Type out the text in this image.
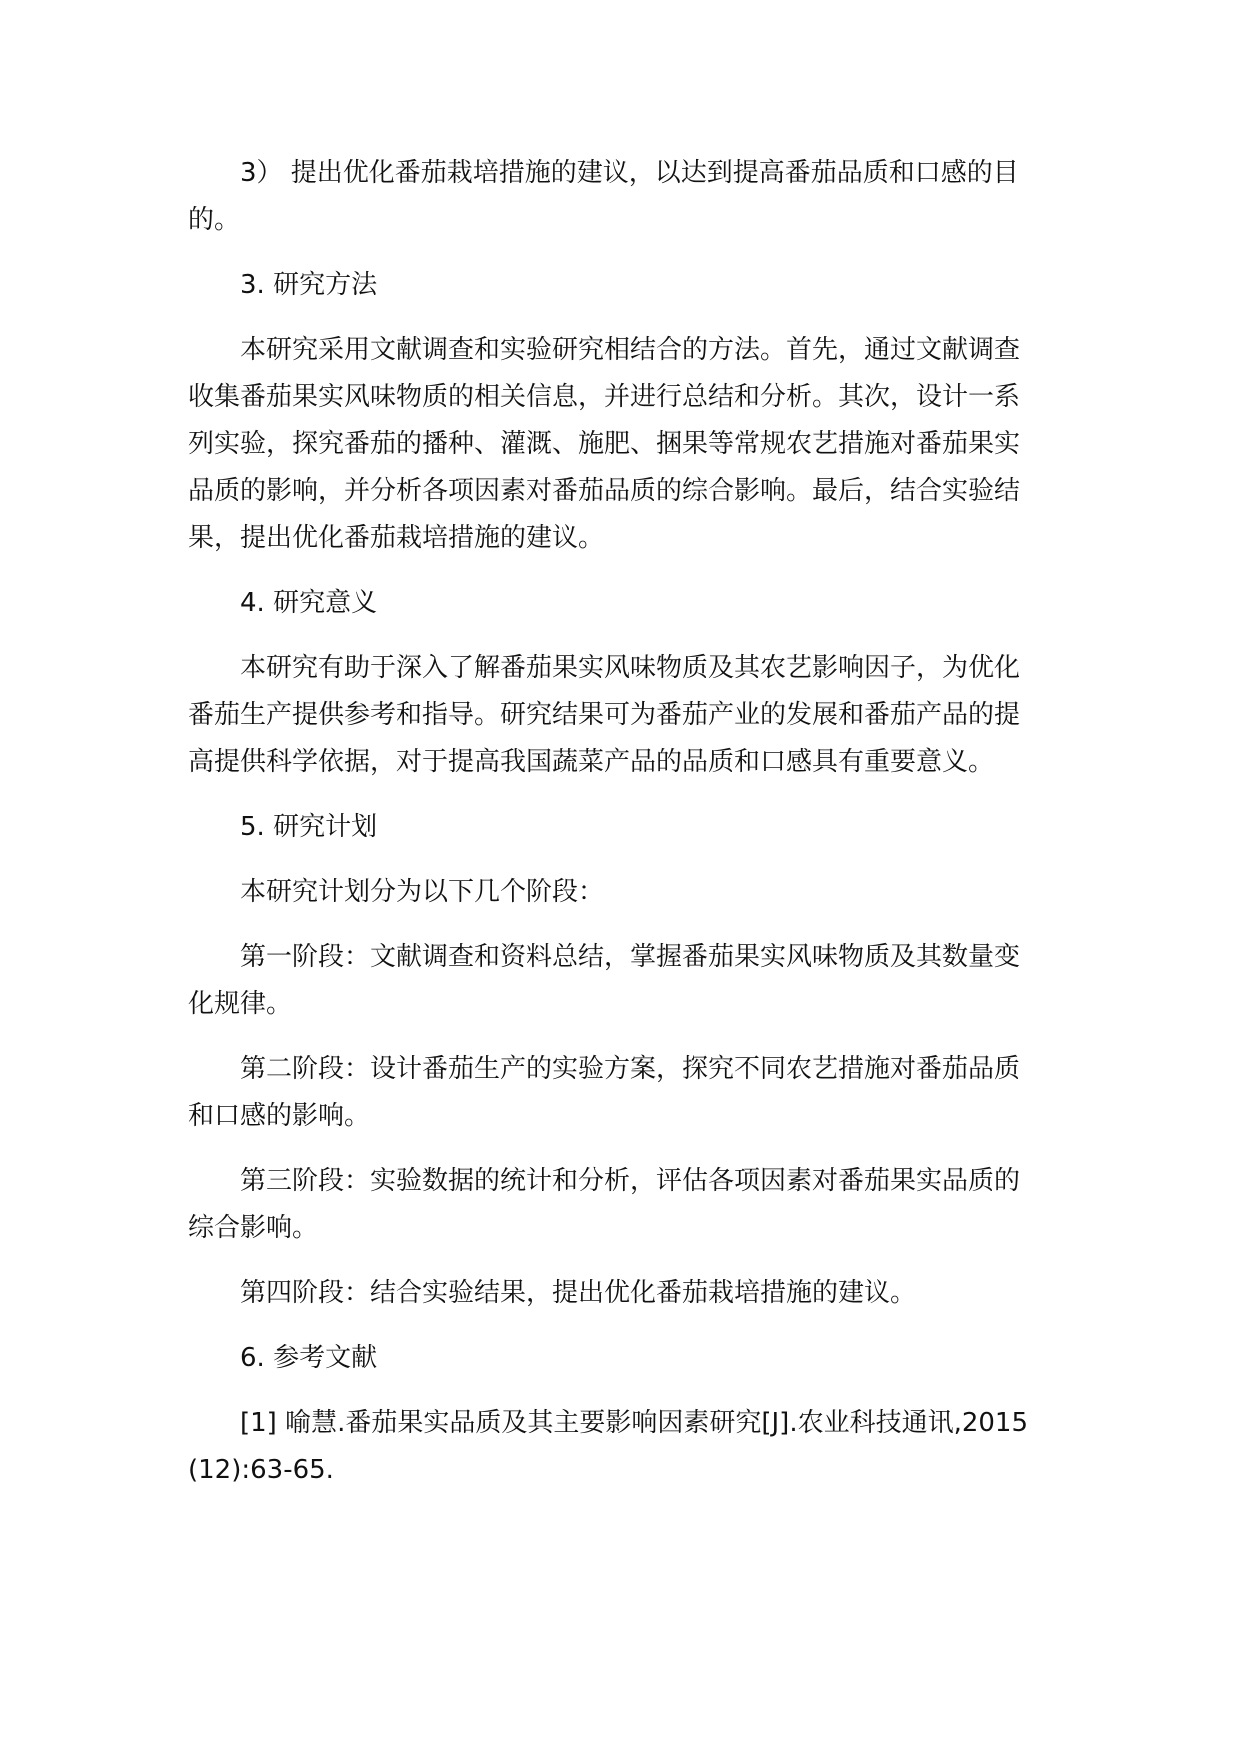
3） 提出优化番茄栽培措施的建议，以达到提高番茄品质和口感的目的。

3. 研究方法

本研究采用文献调查和实验研究相结合的方法。首先，通过文献调查收集番茄果实风味物质的相关信息，并进行总结和分析。其次，设计一系列实验，探究番茄的播种、灌溉、施肥、捆果等常规农艺措施对番茄果实品质的影响，并分析各项因素对番茄品质的综合影响。最后，结合实验结果，提出优化番茄栽培措施的建议。

4. 研究意义

本研究有助于深入了解番茄果实风味物质及其农艺影响因子，为优化番茄生产提供参考和指导。研究结果可为番茄产业的发展和番茄产品的提高提供科学依据，对于提高我国蔬菜产品的品质和口感具有重要意义。

5. 研究计划

本研究计划分为以下几个阶段：

第一阶段：文献调查和资料总结，掌握番茄果实风味物质及其数量变化规律。

第二阶段：设计番茄生产的实验方案，探究不同农艺措施对番茄品质和口感的影响。

第三阶段：实验数据的统计和分析，评估各项因素对番茄果实品质的综合影响。

第四阶段：结合实验结果，提出优化番茄栽培措施的建议。

6. 参考文献

[1] 喻慧.番茄果实品质及其主要影响因素研究[J].农业科技通讯,2015(12):63-65.
